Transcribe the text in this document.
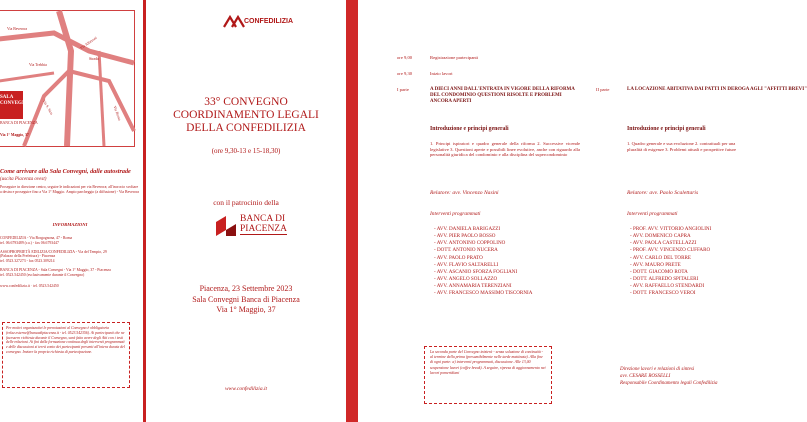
Via Beverora
Via Alberoni
Via Trebbia
Via S. Siro
Strada
Via Roma
SALA CONVEGNI
BANCA DI PIACENZA
Via 1° Maggio, 37
Come arrivare alla Sala Convegni, dalle autostrade
(uscita Piacenza ovest)
Proseguire in direzione centro, seguire le indicazioni per via Beverora; all'incrocio svoltare a destra e proseguire fino a Via 1° Maggio. Ampio parcheggio (a diffusione) - Via Beverora
INFORMAZIONI
CONFEDILIZIA - Via Borgognona, 47 - Roma
tel. 06.6793489 (r.a.) - fax 06.6793447
ASSOPROPRIETÀ EDILIZIA/CONFEDILIZIA - Via del Tempio, 29
(Palazzo della Prefettura) - Piacenza
tel. 0523.327273 - fax 0523.309214
BANCA DI PIACENZA - Sala Convegni - Via 1° Maggio, 37 - Piacenza
tel. 0523.542450 (esclusivamente durante il Convegno)
www.confedilizia.it · tel. 0523.542450
Per motivi organizzativi le prenotazioni al Convegno è obbligatoria (relaz.esterne@bancadipiacenza.it - tel. 0523.542356). Ai partecipanti che ne facessero richiesta durante il Convegno, sarà fatto avere degli Atti con i testi delle relazioni. Ai fini della formazione continua degli interventi programmati e delle discussioni si terrà conto dei partecipanti presenti all'intera durata del convegno. Inviare la propria richiesta di partecipazione.
CONFEDILIZIA
33° CONVEGNO
COORDINAMENTO LEGALI
DELLA CONFEDILIZIA
(ore 9,30-13 e 15-18,30)
con il patrocinio della
BANCA DI
PIACENZA
Piacenza, 23 Settembre 2023
Sala Convegni Banca di Piacenza
Via 1° Maggio, 37
www.confedilizia.it
ore 9,00	Registrazione partecipanti
ore 9,30	Inizio lavori
I parte	A DIECI ANNI DALL'ENTRATA IN VIGORE DELLA RIFORMA DEL CONDOMINIO QUESTIONI RISOLTE E PROBLEMI ANCORA APERTI
Introduzione e principi generali
1. Principi ispiratori e quadro generale della riforma 2. Successive vicende legislative 3. Questioni aperte e possibili linee evolutive, anche con riguardo alla personalità giuridica del condominio e alla disciplina del supercondominio
Relatore: avv. Vincenzo Nasini
Interventi programmati
- AVV. DANIELA BARIGAZZI
- AVV. PIER PAOLO BOSSO
- AVV. ANTONINO COPPOLINO
- DOTT. ANTONIO NUCERA
- AVV. PAOLO PRATO
- AVV. FLAVIO SALTARELLI
- AVV. ASCANIO SFORZA FOGLIANI
- AVV. ANGELO SOLLAZZO
- AVV. ANNAMARIA TERENZIANI
- AVV. FRANCESCO MASSIMO TISCORNIA
La seconda parte del Convegno inizierà - senza soluzione di continuità - al termine della prima (presumibilmente nelle tarde mattinata). Alla fine di ogni parte: a) interventi programmati, discussione. Alle 13,00 sospensione lavori (coffee break). A seguire, ripresa di aggiornamento nei lavori pomeridiani
II parte	LA LOCAZIONE ABITATIVA DAI PATTI IN DEROGA AGLI "AFFITTI BREVI"
Introduzione e principi generali
1. Quadro generale e sua evoluzione 2. contrattuali per una pluralità di esigenze 3. Problemi attuali e prospettive future
Relatore: avv. Paolo Scalettaris
Interventi programmati
- PROF. AVV. VITTORIO ANGIOLINI
- AVV. DOMENICO CAPRA
- AVV. PAOLA CASTELLAZZI
- PROF. AVV. VINCENZO CUFFARO
- AVV. CARLO DEL TORRE
- AVV. MAURO PRETE
- DOTT. GIACOMO ROTA
- DOTT. ALFREDO SPITALERI
- AVV. RAFFAELLO STENDARDI
- DOTT. FRANCESCO VEROI
Direzione lavori e relazioni di sintesi
avv. CESARE ROSSELLI
Responsabile Coordinamento legali Confedilizia
